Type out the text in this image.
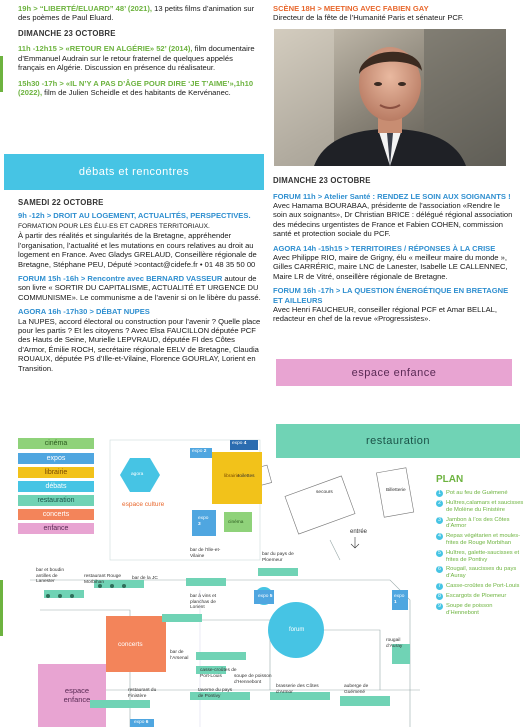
19h > “LIBERTÉ/ELUARD” 48’ (2021), 13 petits films d’animation sur des poèmes de Paul Eluard.

DIMANCHE 23 OCTOBRE

11h -12h15 > «RETOUR EN ALGÉRIE» 52’ (2014), film documentaire d’Emmanuel Audrain sur le retour fraternel de quelques appelés français en Algérie. Discussion en présence du réalisateur.

15h30 -17h > «IL N’Y A PAS D’ÂGE POUR DIRE ‘JE T’AIME’»,1h10 (2022), film de Julien Scheidle et des habitants de Kervénanec.

débats et rencontres

SAMEDI 22 OCTOBRE

9h -12h > DROIT AU LOGEMENT, ACTUALITÉS, PERSPECTIVES. FORMATION POUR LES ÉLU·ES ET CADRES TERRITORIAUX.
À partir des réalités et singularités de la Bretagne, appréhender l’organisation, l’actualité et les mutations en cours relatives au droit au logement en France. Avec Gladys GRELAUD, Conseillère régionale de Bretagne, Stéphane PEU, Député >contact@cidefe.fr • 01 48 35 50 00

FORUM 15h -16h > Rencontre avec BERNARD VASSEUR autour de son livre « SORTIR DU CAPITALISME, ACTUALITÉ ET URGENCE DU COMMUNISME». Le communisme a de l’avenir si on le libère du passé.

AGORA 16h -17h30 > DÉBAT NUPES
La NUPES, accord électoral ou construction pour l’avenir ? Quelle place pour les partis ? Et les citoyens ? Avec Elsa FAUCILLON députée PCF des Hauts de Seine, Murielle LEPVRAUD, députée FI des Côtes d’Armor, Émilie ROCH, secrétaire régionale EELV de Bretagne, Claudia ROUAUX, députée PS d’Ille-et-Vilaine, Florence GOURLAY, Lorient en Transition.

SCÈNE 18H > MEETING AVEC FABIEN GAY

Directeur de la fête de l’Humanité Paris et sénateur PCF.

DIMANCHE 23 OCTOBRE

FORUM 11h > Atelier Santé : RENDEZ LE SOIN AUX SOIGNANTS ! Avec Hamama BOURABAA, présidente de l’association «Rendre le soin aux soignants», Dr Christian BRICE : délégué régional association des médecins urgentistes de France et Fabien COHEN, commission santé et protection sociale du PCF.

AGORA 14h -15h15 > TERRITOIRES / RÉPONSES À LA CRISE Avec Philippe RIO, maire de Grigny, élu « meilleur maire du monde », Gilles CARRÉRIC, maire LNC de Lanester, Isabelle LE CALLENNEC, Maire LR de Vitré, onseillère régionale de Bretagne.

FORUM 16h -17h > LA QUESTION ÉNERGÉTIQUE EN BRETAGNE ET AILLEURS
Avec Henri FAUCHEUR, conseiller régional PCF et Amar BELLAL, redacteur en chef de la revue «Progressistes».

espace enfance
restauration
cinéma
expos
librairie
débats
restauration
concerts
enfance
expo 2
expo 4
agora	librairie
toilettes
secours	Billetterie
espace culture
expo
3	cinéma
entrée
bar et boudin antilles de Lanester
restaurant Rouge Morbihan
bar de la JC
bar de l’Ille-et-Vilaine	bar du pays de Ploemeur
bar à vins et planchas de Lorient
concerts
bar de l’Arsenal
expo 5
casse-croûtes de Port-Louis	soupe de poisson d’Hennebont
forum
rougail d’Auray
expo
1
espace enfance
restaurant du Finistère
taverne du pays de Pontivy
brasserie des Côtes d’Armor
auberge de Guémené
expo 6

PLAN

1 Pot au feu de Guémené
2 Huîtres,calamars et saucisses de Molène du Finistère
3 Jambon à l’os des Côtes d’Armor
4 Repas végétarien et moules-frites de Rouge Morbihan
5 Huîtres, galette-saucisses et frites de Pontivy
6 Rougail, saucisses du pays d’Auray
7 Casse-croûtes de Port-Louis
8 Escargots de Ploemeur
9 Soupe de poisson d’Hennebont
